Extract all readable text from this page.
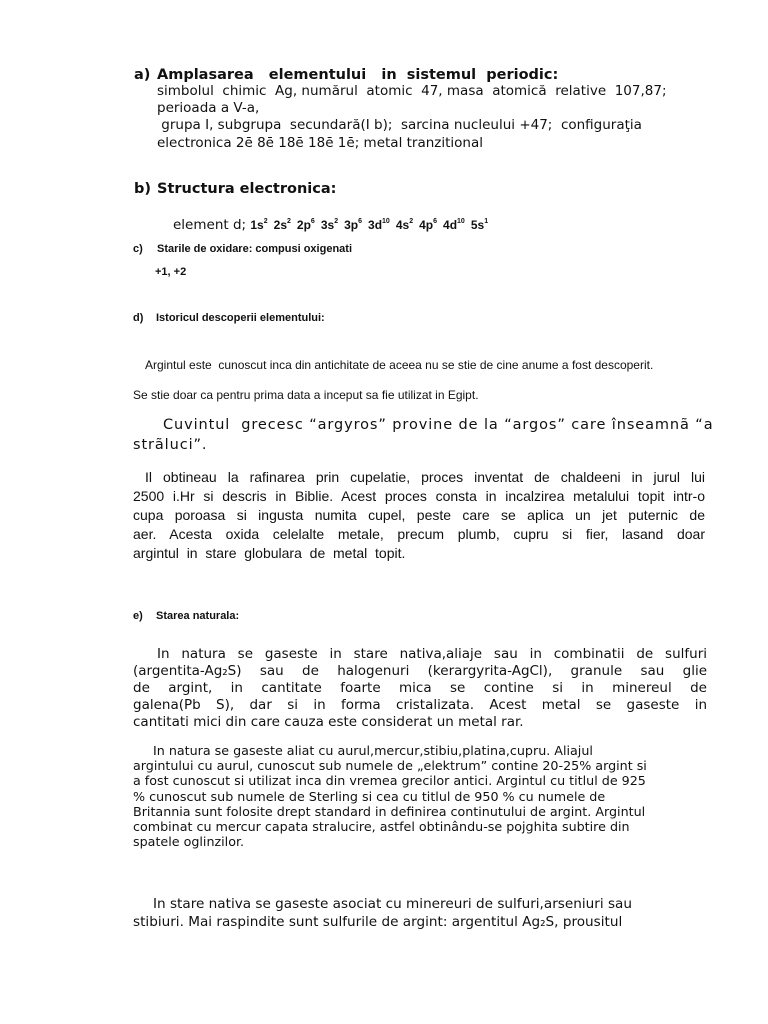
a) Amplasarea   elementului   in  sistemul  periodic:
simbolul  chimic  Ag, numărul  atomic  47, masa  atomică  relative  107,87;
perioada a V-a,
grupa I, subgrupa  secundară(I b);  sarcina nucleului +47;  configuraţia
electronica 2ē 8ē 18ē 18ē 1ē; metal tranzitional
b) Structura electronica:

element d; $1s^2$ $2s^2$ $2p^6$ $3s^2$ $3p^6$ $3d^{10}$ $4s^2$ $4p^6$ $4d^{10}$ $5s^1$

c) Starile de oxidare: compusi oxigenati
+1, +2
d) Istoricul descoperii elementului:
Argintul este  cunoscut inca din antichitate de aceea nu se stie de cine anume a fost descoperit.
Se stie doar ca pentru prima data a inceput sa fie utilizat in Egipt.
Cuvintul  grecesc “argyros” provine de la “argos” care înseamnã “a
strãluci”.
Il obtineau la rafinarea prin cupelatie, proces inventat de chaldeeni in jurul lui
2500 i.Hr si descris in Biblie. Acest proces consta in incalzirea metalului topit intr-o
cupa poroasa si ingusta numita cupel, peste care se aplica un jet puternic de
aer. Acesta oxida celelalte metale, precum plumb, cupru si fier, lasand doar
argintul  in  stare  globulara  de  metal  topit.
e) Starea naturala:
In natura se gaseste in stare nativa,aliaje sau in combinatii de sulfuri
(argentita-Ag₂S) sau de halogenuri (kerargyrita-AgCl), granule sau glie
de argint, in cantitate foarte mica se contine si in minereul de
galena(Pb S), dar si in forma cristalizata. Acest metal se gaseste in
cantitati mici din care cauza este considerat un metal rar.
In natura se gaseste aliat cu aurul,mercur,stibiu,platina,cupru. Aliajul
argintului cu aurul, cunoscut sub numele de „elektrum” contine 20-25% argint si
a fost cunoscut si utilizat inca din vremea grecilor antici. Argintul cu titlul de 925
% cunoscut sub numele de Sterling si cea cu titlul de 950 % cu numele de
Britannia sunt folosite drept standard in definirea continutului de argint. Argintul
combinat cu mercur capata stralucire, astfel obtinându-se pojghita subtire din
spatele oglinzilor.
In stare nativa se gaseste asociat cu minereuri de sulfuri,arseniuri sau
stibiuri. Mai raspindite sunt sulfurile de argint: argentitul Ag₂S, prousitul
